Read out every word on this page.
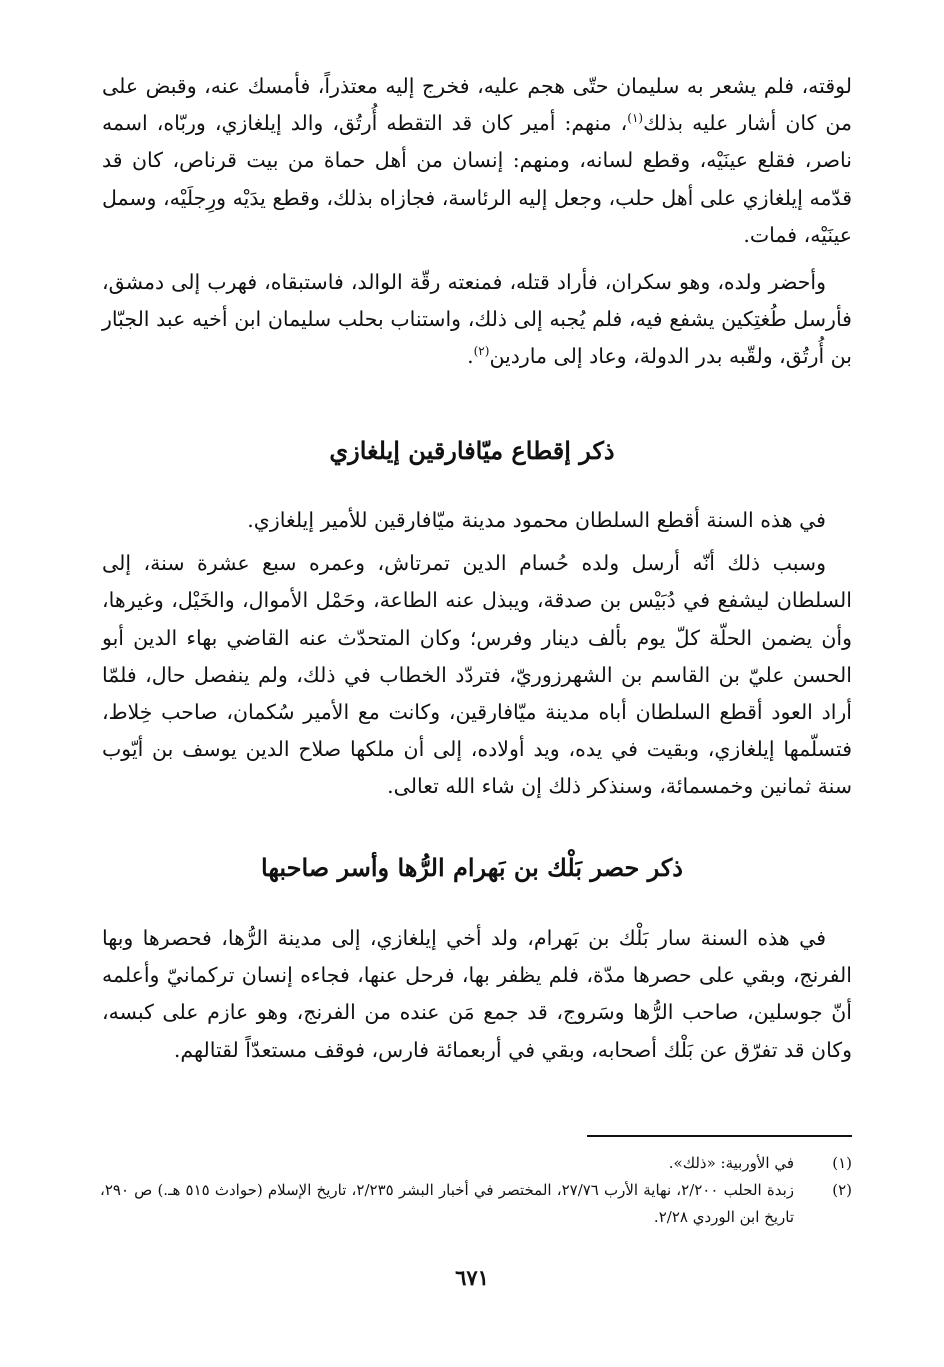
لوقته، فلم يشعر به سليمان حتّى هجم عليه، فخرج إليه معتذراً، فأمسك عنه، وقبض على من كان أشار عليه بذلك$^{(١)}$، منهم: أمير كان قد التقطه أُرتُق، والد إيلغازي، وربّاه، اسمه ناصر، فقلع عينَيْه، وقطع لسانه، ومنهم: إنسان من أهل حماة من بيت قرناص، كان قد قدّمه إيلغازي على أهل حلب، وجعل إليه الرئاسة، فجازاه بذلك، وقطع يدَيْه ورِجلَيْه، وسمل عينَيْه، فمات.

وأحضر ولده، وهو سكران، فأراد قتله، فمنعته رقّة الوالد، فاستبقاه، فهرب إلى دمشق، فأرسل طُغتِكين يشفع فيه، فلم يُجبه إلى ذلك، واستناب بحلب سليمان ابن أخيه عبد الجبّار بن أُرتُق، ولقّبه بدر الدولة، وعاد إلى ماردين$^{(٢)}$.

ذكر إقطاع ميّافارقين إيلغازي

في هذه السنة أقطع السلطان محمود مدينة ميّافارقين للأمير إيلغازي.

وسبب ذلك أنّه أرسل ولده حُسام الدين تمرتاش، وعمره سبع عشرة سنة، إلى السلطان ليشفع في دُبَيْس بن صدقة، ويبذل عنه الطاعة، وحَمْل الأموال، والخَيْل، وغيرها، وأن يضمن الحلّة كلّ يوم بألف دينار وفرس؛ وكان المتحدّث عنه القاضي بهاء الدين أبو الحسن عليّ بن القاسم بن الشهرزوريّ، فتردّد الخطاب في ذلك، ولم ينفصل حال، فلمّا أراد العود أقطع السلطان أباه مدينة ميّافارقين، وكانت مع الأمير سُكمان، صاحب خِلاط، فتسلّمها إيلغازي، وبقيت في يده، ويد أولاده، إلى أن ملكها صلاح الدين يوسف بن أيّوب سنة ثمانين وخمسمائة، وسنذكر ذلك إن شاء الله تعالى.

ذكر حصر بَلْك بن بَهرام الرُّها وأسر صاحبها

في هذه السنة سار بَلْك بن بَهرام، ولد أخي إيلغازي، إلى مدينة الرُّها، فحصرها وبها الفرنج، وبقي على حصرها مدّة، فلم يظفر بها، فرحل عنها، فجاءه إنسان تركمانيّ وأعلمه أنّ جوسلين، صاحب الرُّها وسَروج، قد جمع مَن عنده من الفرنج، وهو عازم على كبسه، وكان قد تفرّق عن بَلْك أصحابه، وبقي في أربعمائة فارس، فوقف مستعدّاً لقتالهم.

(١)
في الأوربية: «ذلك».
(٢)
زبدة الحلب ٢/٢٠٠، نهاية الأرب ٢٧/٧٦، المختصر في أخبار البشر ٢/٢٣٥، تاريخ الإسلام (حوادث ٥١٥ هـ.) ص ٢٩٠، تاريخ ابن الوردي ٢/٢٨.
٦٧١
